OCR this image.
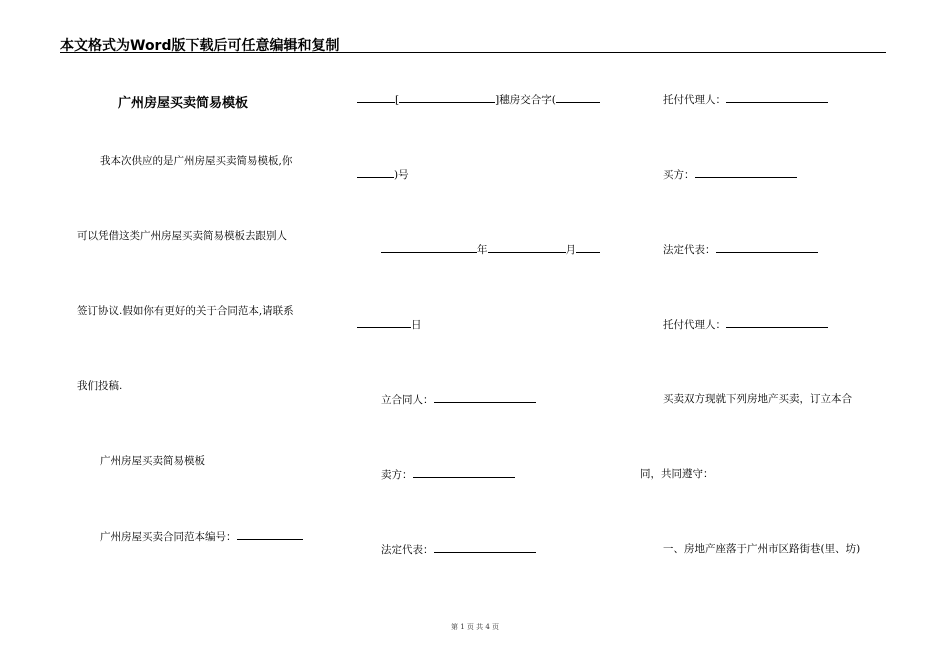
本文格式为Word版下载后可任意编辑和复制
广州房屋买卖简易模板
我本次供应的是广州房屋买卖简易模板,你
可以凭借这类广州房屋买卖简易模板去跟别人
签订协议.假如你有更好的关于合同范本,请联系
我们投稿.
广州房屋买卖简易模板
广州房屋买卖合同范本编号：
[	]穗房交合字(
)号
年	月
日
立合同人：
卖方：
法定代表：
托付代理人：
买方：
法定代表：
托付代理人：
买卖双方现就下列房地产买卖，订立本合
同，共同遵守：
一、房地产座落于广州市区路街巷(里、坊)
第 1 页 共 4 页
